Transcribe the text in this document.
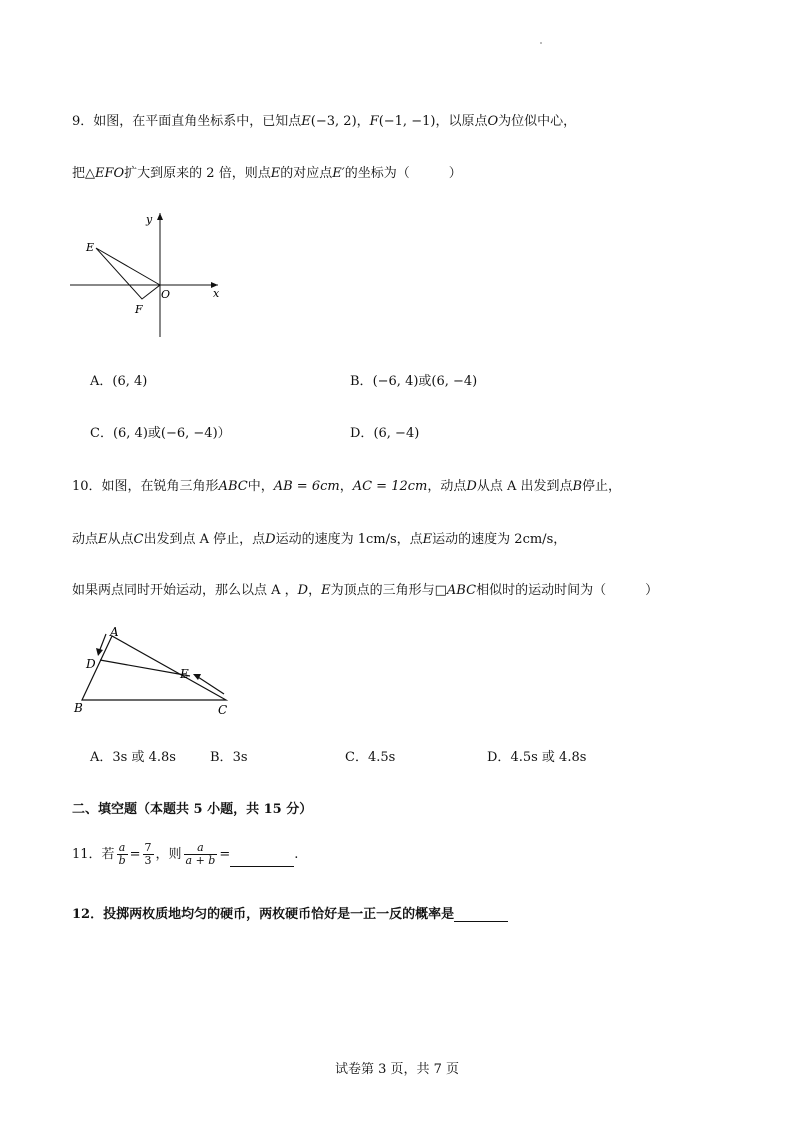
9．如图，在平面直角坐标系中，已知点E(−3, 2)，F(−1, −1)，以原点O为位似中心，
把△EFO扩大到原来的 2 倍，则点E的对应点E′的坐标为（　　　）
y
x
O
E
F
A．(6, 4)	B．(−6, 4)或(6, −4)
C．(6, 4)或(−6, −4)）	D．(6, −4)
10．如图，在锐角三角形ABC中，AB = 6cm，AC = 12cm，动点D从点 A 出发到点B停止，
动点E从点C出发到点 A 停止，点D运动的速度为 1cm/s，点E运动的速度为 2cm/s，
如果两点同时开始运动，那么以点 A ，D，E为顶点的三角形与□ABC相似时的运动时间为（　　　）
A
D
E
B	C
A．3s 或 4.8s	B．3s	C．4.5s	D．4.5s 或 4.8s
二、填空题（本题共 5 小题，共 15 分）
11．若 $\frac{a}{b} = \frac{7}{3}$ ，则 $\frac{a}{a + b}$ =	.
12．投掷两枚质地均匀的硬币，两枚硬币恰好是一正一反的概率是
试卷第 3 页，共 7 页
